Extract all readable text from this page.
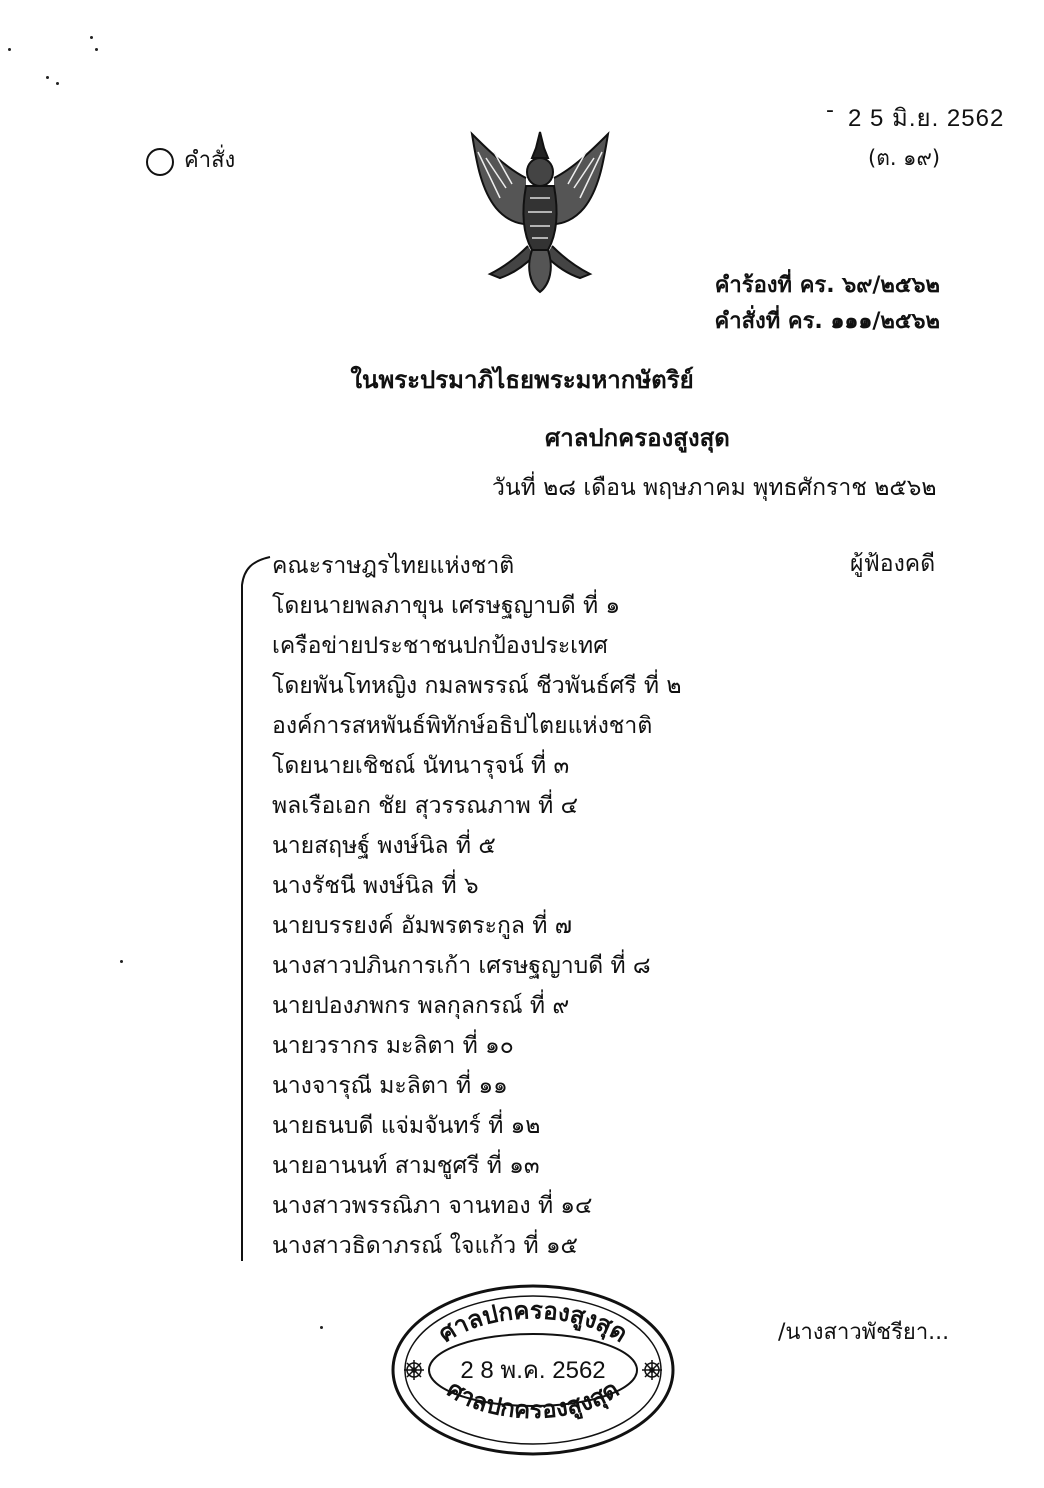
- 2 5 มิ.ย. 2562
(ต. ๑๙)
คำสั่ง
คำร้องที่ คร. ๖๙/๒๕๖๒
คำสั่งที่ คร. ๑๑๑/๒๕๖๒
ในพระปรมาภิไธยพระมหากษัตริย์
ศาลปกครองสูงสุด
วันที่ ๒๘ เดือน พฤษภาคม พุทธศักราช ๒๕๖๒
คณะราษฎรไทยแห่งชาติ
โดยนายพลภาขุน เศรษฐญาบดี ที่ ๑
เครือข่ายประชาชนปกป้องประเทศ
โดยพันโทหญิง กมลพรรณ์ ชีวพันธ์ศรี ที่ ๒
องค์การสหพันธ์พิทักษ์อธิปไตยแห่งชาติ
โดยนายเชิชณ์ นัทนารุจน์ ที่ ๓
พลเรือเอก ชัย สุวรรณภาพ ที่ ๔
นายสฤษฐ์ พงษ์นิล ที่ ๕
นางรัชนี พงษ์นิล ที่ ๖
นายบรรยงค์ อัมพรตระกูล ที่ ๗
นางสาวปภินการเก้า เศรษฐญาบดี ที่ ๘
นายปองภพกร พลกุลกรณ์ ที่ ๙
นายวรากร มะลิตา ที่ ๑๐
นางจารุณี มะลิตา ที่ ๑๑
นายธนบดี แจ่มจันทร์ ที่ ๑๒
นายอานนท์ สามชูศรี ที่ ๑๓
นางสาวพรรณิภา จานทอง ที่ ๑๔
นางสาวธิดาภรณ์ ใจแก้ว ที่ ๑๕
ผู้ฟ้องคดี
/นางสาวพัชรียา...
ศาลปกครองสูงสุด
ศาลปกครองสูงสุด
2 8 พ.ค. 2562
